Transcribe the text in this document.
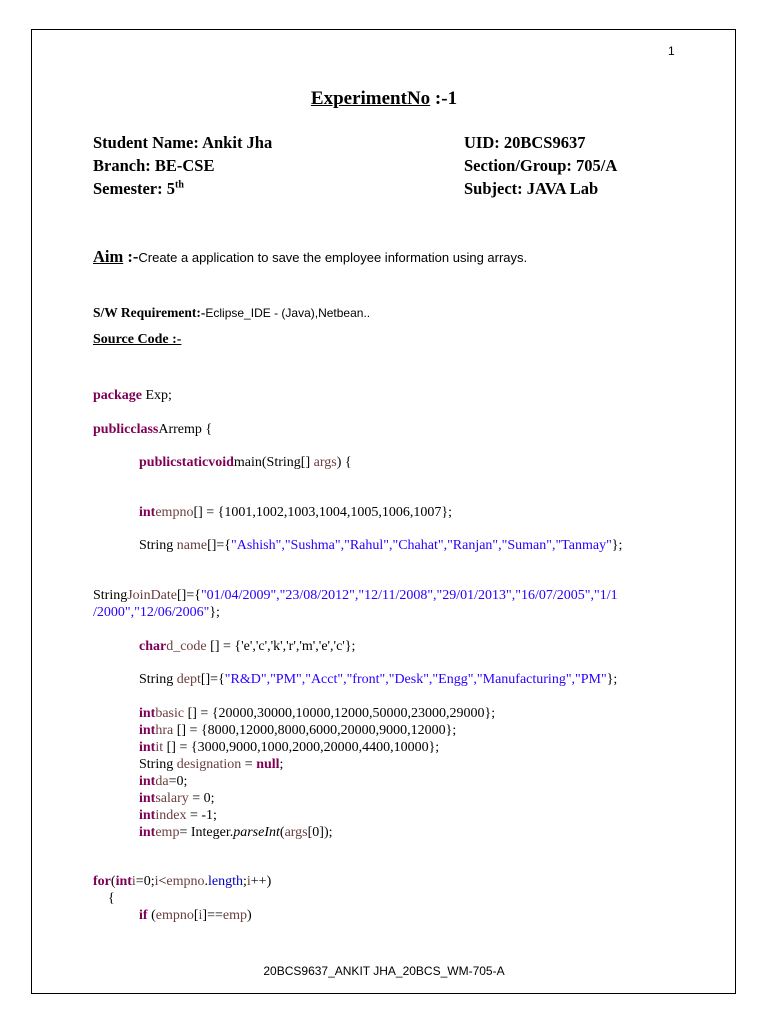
1
ExperimentNo :-1
Student Name: Ankit Jha	UID: 20BCS9637
Branch: BE-CSE	Section/Group: 705/A
Semester: 5th	Subject: JAVA Lab
Aim :-Create a application to save the employee information using arrays.
S/W Requirement:-Eclipse_IDE - (Java),Netbean..
Source Code :-
package Exp;
publicclassArremp {
publicstaticvoidmain(String[] args) {
intempno[] = {1001,1002,1003,1004,1005,1006,1007};
String name[]={"Ashish","Sushma","Rahul","Chahat","Ranjan","Suman","Tanmay"};
StringJoinDate[]={"01/04/2009","23/08/2012","12/11/2008","29/01/2013","16/07/2005","1/1
/2000","12/06/2006"};
chard_code [] = {'e','c','k','r','m','e','c'};
String dept[]={"R&D","PM","Acct","front","Desk","Engg","Manufacturing","PM"};
intbasic [] = {20000,30000,10000,12000,50000,23000,29000};
inthra [] = {8000,12000,8000,6000,20000,9000,12000};
intit [] = {3000,9000,1000,2000,20000,4400,10000};
String designation = null;
intda=0;
intsalary = 0;
intindex = -1;
intemp= Integer.parseInt(args[0]);
for(inti=0;i<empno.length;i++)
{
if (empno[i]==emp)
20BCS9637_ANKIT JHA_20BCS_WM-705-A
